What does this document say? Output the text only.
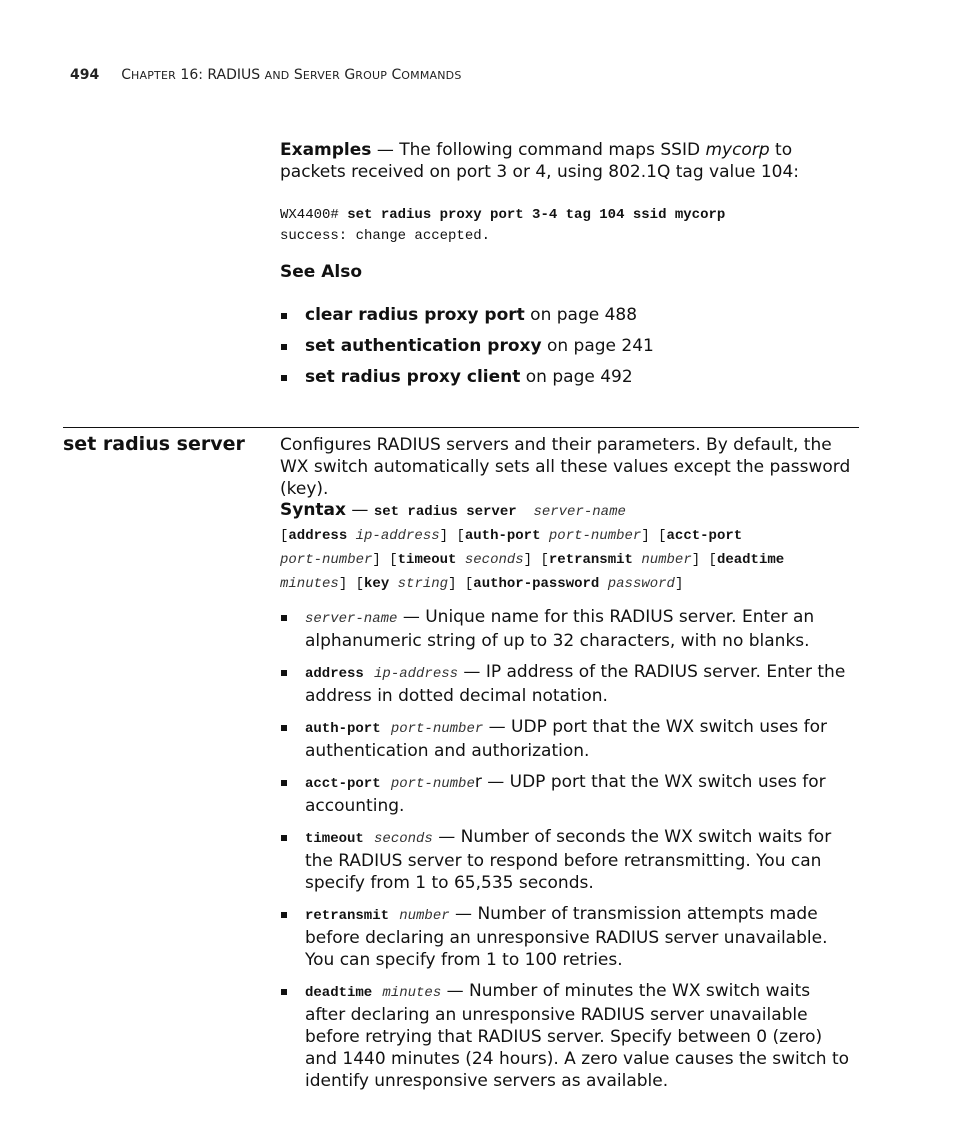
494 CHAPTER 16: RADIUS AND SERVER GROUP COMMANDS
Examples — The following command maps SSID mycorp to packets received on port 3 or 4, using 802.1Q tag value 104:
WX4400# set radius proxy port 3-4 tag 104 ssid mycorp
success: change accepted.
See Also
clear radius proxy port on page 488
set authentication proxy on page 241
set radius proxy client on page 492
set radius server Configures RADIUS servers and their parameters. By default, the WX switch automatically sets all these values except the password (key).
Syntax — set radius server server-name
[address ip-address] [auth-port port-number] [acct-port
port-number] [timeout seconds] [retransmit number] [deadtime
minutes] [key string] [author-password password]
server-name — Unique name for this RADIUS server. Enter an alphanumeric string of up to 32 characters, with no blanks.
address ip-address — IP address of the RADIUS server. Enter the address in dotted decimal notation.
auth-port port-number — UDP port that the WX switch uses for authentication and authorization.
acct-port port-number — UDP port that the WX switch uses for accounting.
timeout seconds — Number of seconds the WX switch waits for the RADIUS server to respond before retransmitting. You can specify from 1 to 65,535 seconds.
retransmit number — Number of transmission attempts made before declaring an unresponsive RADIUS server unavailable. You can specify from 1 to 100 retries.
deadtime minutes — Number of minutes the WX switch waits after declaring an unresponsive RADIUS server unavailable before retrying that RADIUS server. Specify between 0 (zero) and 1440 minutes (24 hours). A zero value causes the switch to identify unresponsive servers as available.
